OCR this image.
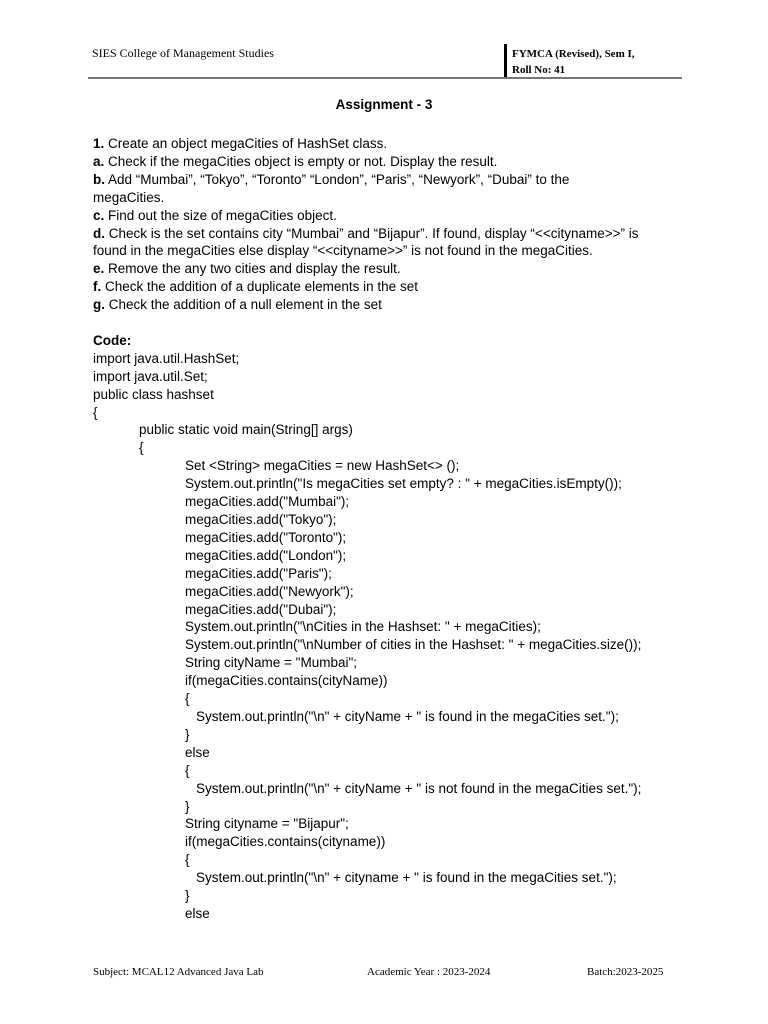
SIES College of Management Studies	FYMCA (Revised), Sem I,
Roll No: 41
Assignment - 3

1. Create an object megaCities of HashSet class.

a. Check if the megaCities object is empty or not. Display the result.

b. Add “Mumbai”, “Tokyo”, “Toronto” “London”, “Paris”, “Newyork”, “Dubai” to the

megaCities.

c. Find out the size of megaCities object.

d. Check is the set contains city “Mumbai” and “Bijapur”. If found, display “<<cityname>>” is

found in the megaCities else display “<<cityname>>” is not found in the megaCities.

e. Remove the any two cities and display the result.

f. Check the addition of a duplicate elements in the set

g. Check the addition of a null element in the set

Code:

import java.util.HashSet;

import java.util.Set;

public class hashset

{

public static void main(String[] args)

{

Set <String> megaCities = new HashSet<> ();

System.out.println("Is megaCities set empty? : " + megaCities.isEmpty());

megaCities.add("Mumbai");

megaCities.add("Tokyo");

megaCities.add("Toronto");

megaCities.add("London");

megaCities.add("Paris");

megaCities.add("Newyork");

megaCities.add("Dubai");

System.out.println("\nCities in the Hashset: " + megaCities);

System.out.println("\nNumber of cities in the Hashset: " + megaCities.size());

String cityName = "Mumbai";

if(megaCities.contains(cityName))

{

System.out.println("\n" + cityName + " is found in the megaCities set.");

}

else

{

System.out.println("\n" + cityName + " is not found in the megaCities set.");

}

String cityname = "Bijapur";

if(megaCities.contains(cityname))

{

System.out.println("\n" + cityname + " is found in the megaCities set.");

}

else

Subject: MCAL12 Advanced Java Lab	Academic Year : 2023-2024	Batch:2023-2025
